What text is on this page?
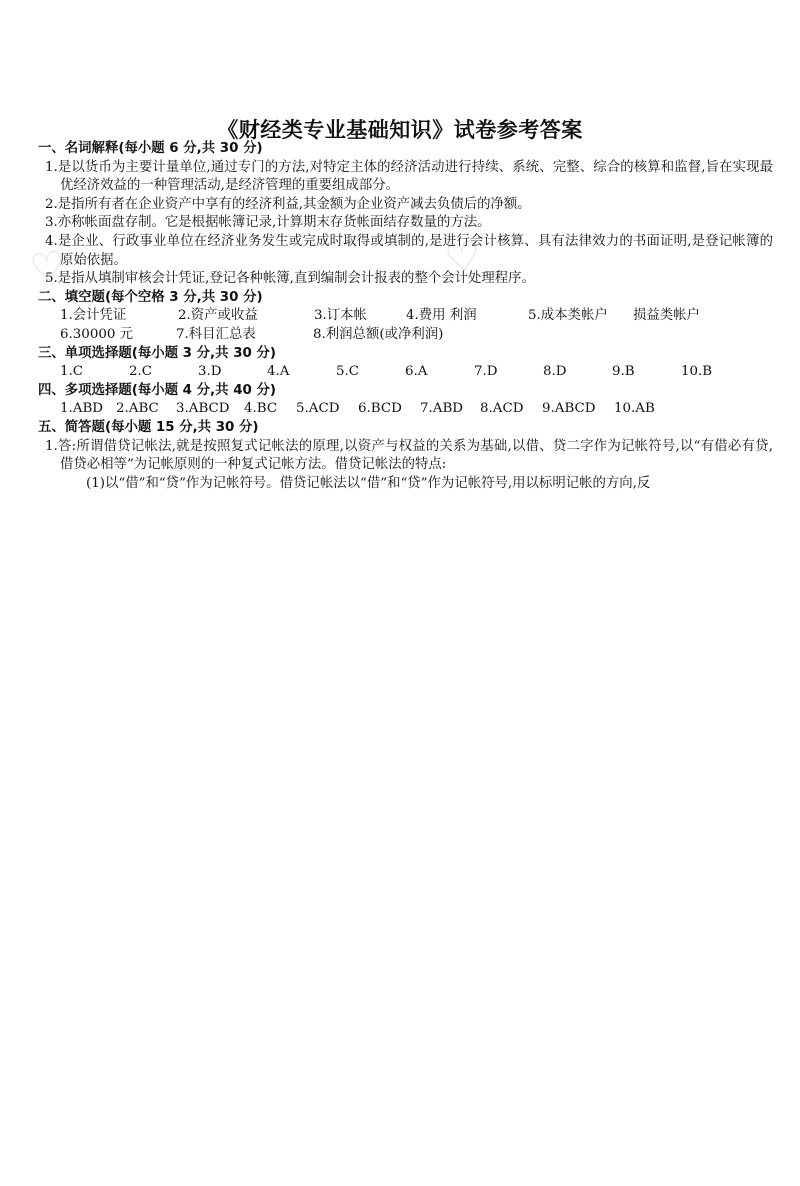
♡	♡
《财经类专业基础知识》试卷参考答案
一、名词解释(每小题 6 分,共 30 分)
1.是以货币为主要计量单位,通过专门的方法,对特定主体的经济活动进行持续、系统、完整、综合的核算和监督,旨在实现最优经济效益的一种管理活动,是经济管理的重要组成部分。
2.是指所有者在企业资产中享有的经济利益,其金额为企业资产减去负债后的净额。
3.亦称帐面盘存制。它是根据帐簿记录,计算期末存货帐面结存数量的方法。
4.是企业、行政事业单位在经济业务发生或完成时取得或填制的,是进行会计核算、具有法律效力的书面证明,是登记帐簿的原始依据。
5.是指从填制审核会计凭证,登记各种帐簿,直到编制会计报表的整个会计处理程序。
二、填空题(每个空格 3 分,共 30 分)
1.会计凭证	2.资产或收益	3.订本帐	4.费用 利润	5.成本类帐户	损益类帐户
6.30000 元	7.科目汇总表	8.利润总额(或净利润)
三、单项选择题(每小题 3 分,共 30 分)
1.C	2.C	3.D	4.A	5.C	6.A	7.D	8.D	9.B	10.B
四、多项选择题(每小题 4 分,共 40 分)
1.ABD 2.ABC	3.ABCD	4.BC	5.ACD	6.BCD	7.ABD	8.ACD	9.ABCD	10.AB
五、简答题(每小题 15 分,共 30 分)
1.答:所谓借贷记帐法,就是按照复式记帐法的原理,以资产与权益的关系为基础,以借、贷二字作为记帐符号,以“有借必有贷,借贷必相等”为记帐原则的一种复式记帐方法。借贷记帐法的特点:
(1)以“借”和“贷”作为记帐符号。借贷记帐法以“借”和“贷”作为记帐符号,用以标明记帐的方向,反
